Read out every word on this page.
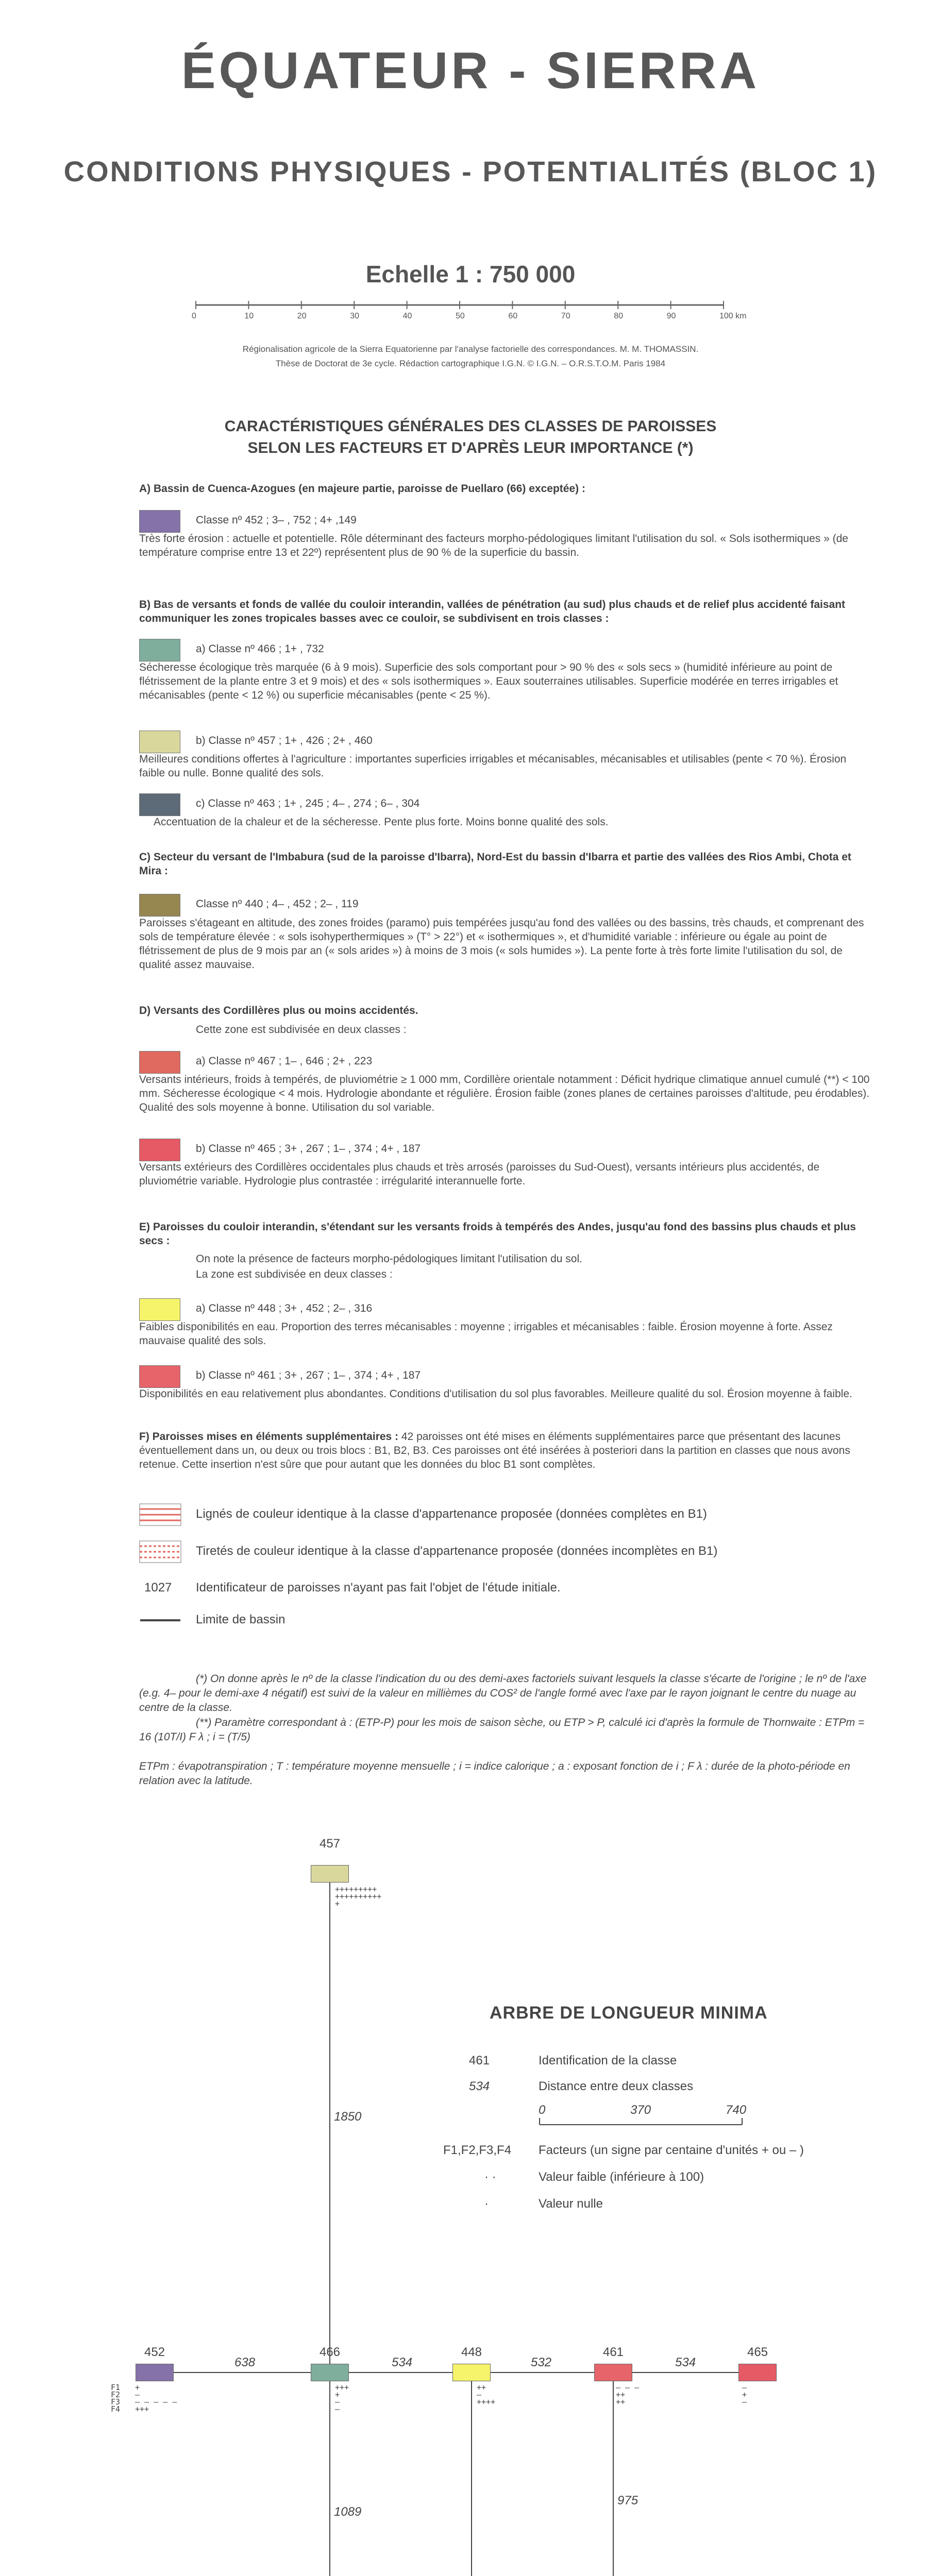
ÉQUATEUR - SIERRA
CONDITIONS PHYSIQUES - POTENTIALITÉS (BLOC 1)
Echelle 1 : 750 000
0	10	20	30	40	50	60	70	80	90	100 km
Régionalisation agricole de la Sierra Equatorienne par l'analyse factorielle des correspondances. M. M. THOMASSIN.
Thèse de Doctorat de 3e cycle. Rédaction cartographique I.G.N. © I.G.N. – O.R.S.T.O.M. Paris 1984
CARACTÉRISTIQUES GÉNÉRALES DES CLASSES DE PAROISSES
SELON LES FACTEURS ET D'APRÈS LEUR IMPORTANCE (*)
A) Bassin de Cuenca-Azogues (en majeure partie, paroisse de Puellaro (66) exceptée) :
Classe nº 452 ; 3– , 752 ; 4+ ,149
Très forte érosion : actuelle et potentielle. Rôle déterminant des facteurs morpho-pédologiques limitant l'utilisation du sol. « Sols isothermiques » (de température comprise entre 13 et 22º) représentent plus de 90 % de la superficie du bassin.
B) Bas de versants et fonds de vallée du couloir interandin, vallées de pénétration (au sud) plus chauds et de relief plus accidenté faisant communiquer les zones tropicales basses avec ce couloir, se subdivisent en trois classes :
a) Classe nº 466 ; 1+ , 732
Sécheresse écologique très marquée (6 à 9 mois). Superficie des sols comportant pour > 90 % des « sols secs » (humidité inférieure au point de flétrissement de la plante entre 3 et 9 mois) et des « sols isothermiques ». Eaux souterraines utilisables. Superficie modérée en terres irrigables et mécanisables (pente < 12 %) ou superficie mécanisables (pente < 25 %).
b) Classe nº 457 ; 1+ , 426 ; 2+ , 460
Meilleures conditions offertes à l'agriculture : importantes superficies irrigables et mécanisables, mécanisables et utilisables (pente < 70 %). Érosion faible ou nulle. Bonne qualité des sols.
c) Classe nº 463 ; 1+ , 245 ; 4– , 274 ; 6– , 304
Accentuation de la chaleur et de la sécheresse. Pente plus forte. Moins bonne qualité des sols.
C) Secteur du versant de l'Imbabura (sud de la paroisse d'Ibarra), Nord-Est du bassin d'Ibarra et partie des vallées des Rios Ambi, Chota et Mira :
Classe nº 440 ; 4– , 452 ; 2– , 119
Paroisses s'étageant en altitude, des zones froides (paramo) puis tempérées jusqu'au fond des vallées ou des bassins, très chauds, et comprenant des sols de température élevée : « sols isohyperthermiques » (T° > 22°) et « isothermiques », et d'humidité variable : inférieure ou égale au point de flétrissement de plus de 9 mois par an (« sols arides ») à moins de 3 mois (« sols humides »). La pente forte à très forte limite l'utilisation du sol, de qualité assez mauvaise.
D) Versants des Cordillères plus ou moins accidentés.
Cette zone est subdivisée en deux classes :
a) Classe nº 467 ; 1– , 646 ; 2+ , 223
Versants intérieurs, froids à tempérés, de pluviométrie ≥ 1 000 mm, Cordillère orientale notamment : Déficit hydrique climatique annuel cumulé (**) < 100 mm. Sécheresse écologique < 4 mois. Hydrologie abondante et régulière. Érosion faible (zones planes de certaines paroisses d'altitude, peu érodables). Qualité des sols moyenne à bonne. Utilisation du sol variable.
b) Classe nº 465 ; 3+ , 267 ; 1– , 374 ; 4+ , 187
Versants extérieurs des Cordillères occidentales plus chauds et très arrosés (paroisses du Sud-Ouest), versants intérieurs plus accidentés, de pluviométrie variable. Hydrologie plus contrastée : irrégularité interannuelle forte.
E) Paroisses du couloir interandin, s'étendant sur les versants froids à tempérés des Andes, jusqu'au fond des bassins plus chauds et plus secs :
On note la présence de facteurs morpho-pédologiques limitant l'utilisation du sol.
La zone est subdivisée en deux classes :
a) Classe nº 448 ; 3+ , 452 ; 2– , 316
Faibles disponibilités en eau. Proportion des terres mécanisables : moyenne ; irrigables et mécanisables : faible. Érosion moyenne à forte. Assez mauvaise qualité des sols.
b) Classe nº 461 ; 3+ , 267 ; 1– , 374 ; 4+ , 187
Disponibilités en eau relativement plus abondantes. Conditions d'utilisation du sol plus favorables. Meilleure qualité du sol. Érosion moyenne à faible.
F) Paroisses mises en éléments supplémentaires : 42 paroisses ont été mises en éléments supplémentaires parce que présentant des lacunes éventuellement dans un, ou deux ou trois blocs : B1, B2, B3. Ces paroisses ont été insérées à posteriori dans la partition en classes que nous avons retenue. Cette insertion n'est sûre que pour autant que les données du bloc B1 sont complètes.
Lignés de couleur identique à la classe d'appartenance proposée (données complètes en B1)
Tiretés de couleur identique à la classe d'appartenance proposée (données incomplètes en B1)
1027 Identificateur de paroisses n'ayant pas fait l'objet de l'étude initiale.
Limite de bassin
(*) On donne après le nº de la classe l'indication du ou des demi-axes factoriels suivant lesquels la classe s'écarte de l'origine ; le nº de l'axe (e.g. 4– pour le demi-axe 4 négatif) est suivi de la valeur en millièmes du COS² de l'angle formé avec l'axe par le rayon joignant le centre du nuage au centre de la classe.
(**) Paramètre correspondant à : (ETP-P) pour les mois de saison sèche, ou ETP > P, calculé ici d'après la formule de Thornwaite : ETPm = 16 (10T/I) F λ ; i = (T/5)
ETPm : évapotranspiration ; T : température moyenne mensuelle ; i = indice calorique ; a : exposant fonction de i ; F λ : durée de la photo-période en relation avec la latitude.
ARBRE DE LONGUEUR MINIMA
461	Identification de la classe
534	Distance entre deux classes
0	370	740
F1,F2,F3,F4 Facteurs (un signe par centaine d'unités + ou – )
· ·	Valeur faible (inférieure à 100)
·	Valeur nulle
457
+++++++++
++++++++++
+
452
+
–
– – – – –
+++
F1
F2
F3
F4
466
+++
+
–
–
448
++
–
++++
461
– – –
++
++
465
–
+
–
638	534	532	534
1850
1089
975
